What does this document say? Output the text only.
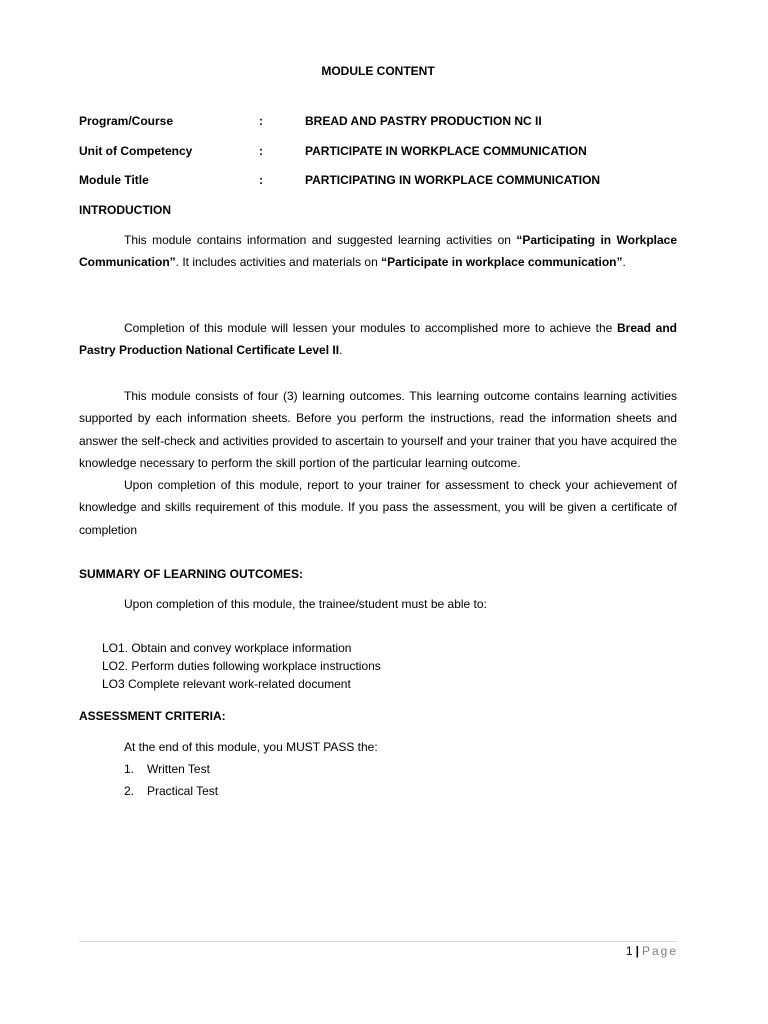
MODULE CONTENT
Program/Course	:	BREAD AND PASTRY PRODUCTION NC II
Unit of Competency	:	PARTICIPATE IN WORKPLACE COMMUNICATION
Module Title	:	PARTICIPATING IN WORKPLACE COMMUNICATION
INTRODUCTION
This module contains information and suggested learning activities on “Participating in Workplace Communication”. It includes activities and materials on “Participate in workplace communication”.
Completion of this module will lessen your modules to accomplished more to achieve the Bread and Pastry Production National Certificate Level II.
This module consists of four (3) learning outcomes. This learning outcome contains learning activities supported by each information sheets. Before you perform the instructions, read the information sheets and answer the self-check and activities provided to ascertain to yourself and your trainer that you have acquired the knowledge necessary to perform the skill portion of the particular learning outcome.
Upon completion of this module, report to your trainer for assessment to check your achievement of knowledge and skills requirement of this module. If you pass the assessment, you will be given a certificate of completion
SUMMARY OF LEARNING OUTCOMES:
Upon completion of this module, the trainee/student must be able to:
LO1. Obtain and convey workplace information
LO2. Perform duties following workplace instructions
LO3 Complete relevant work-related document
ASSESSMENT CRITERIA:
At the end of this module, you MUST PASS the:
1. Written Test
2. Practical Test
1 | Page
